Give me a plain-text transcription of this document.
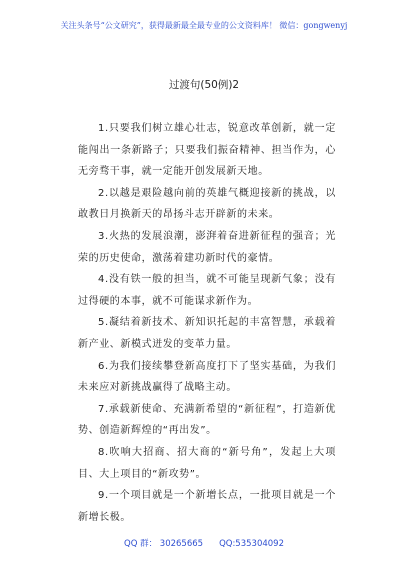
关注头条号“公文研究”，获得最新最全最专业的公文资料库！ 微信：gongwenyj
过渡句(50例)2

1.只要我们树立雄心壮志，锐意改革创新，就一定能闯出一条新路子；只要我们振奋精神、担当作为，心无旁骛干事，就一定能开创发展新天地。

2.以越是艰险越向前的英雄气概迎接新的挑战，以敢教日月换新天的昂扬斗志开辟新的未来。

3.火热的发展浪潮，澎湃着奋进新征程的强音；光荣的历史使命，激荡着建功新时代的豪情。

4.没有铁一般的担当，就不可能呈现新气象；没有过得硬的本事，就不可能谋求新作为。

5.凝结着新技术、新知识托起的丰富智慧，承载着新产业、新模式迸发的变革力量。

6.为我们接续攀登新高度打下了坚实基础，为我们未来应对新挑战赢得了战略主动。

7.承载新使命、充满新希望的“新征程”，打造新优势、创造新辉煌的“再出发”。

8.吹响大招商、招大商的“新号角”，发起上大项目、大上项目的“新攻势”。

9.一个项目就是一个新增长点，一批项目就是一个新增长极。

QQ 群： 30265665 QQ:535304092
